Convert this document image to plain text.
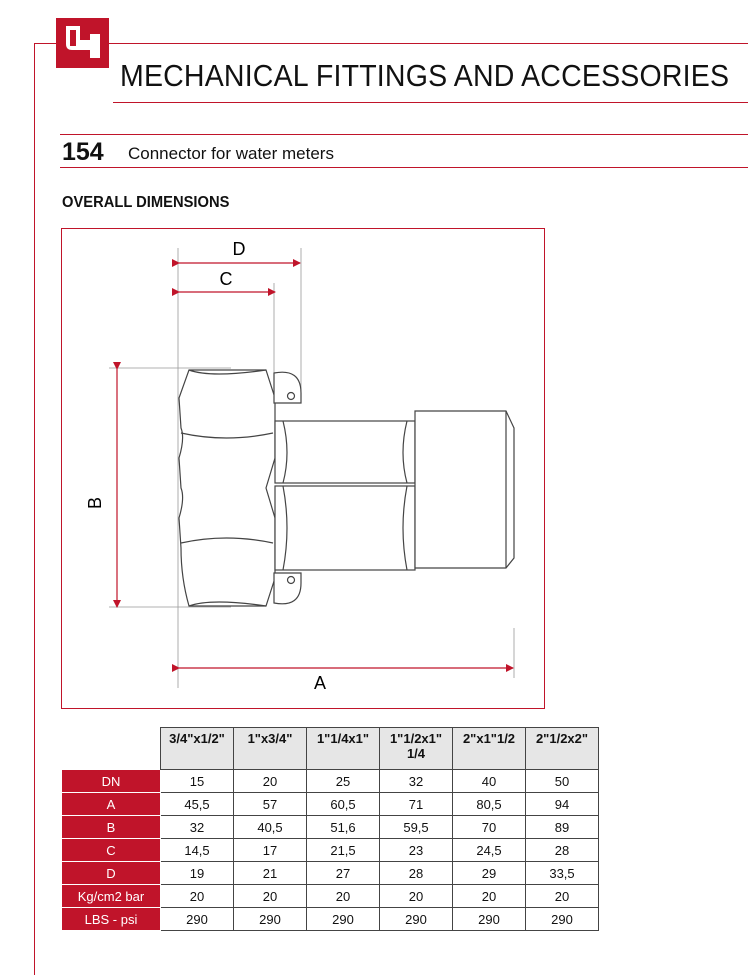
MECHANICAL FITTINGS AND ACCESSORIES
154 Connector for water meters
OVERALL DIMENSIONS
D
C
B
A
	3/4"x1/2"	1"x3/4"	1"1/4x1"	1"1/2x1" 1/4	2"x1"1/2	2"1/2x2"
DN	15	20	25	32	40	50
A	45,5	57	60,5	71	80,5	94
B	32	40,5	51,6	59,5	70	89
C	14,5	17	21,5	23	24,5	28
D	19	21	27	28	29	33,5
Kg/cm2 bar	20	20	20	20	20	20
LBS - psi	290	290	290	290	290	290
